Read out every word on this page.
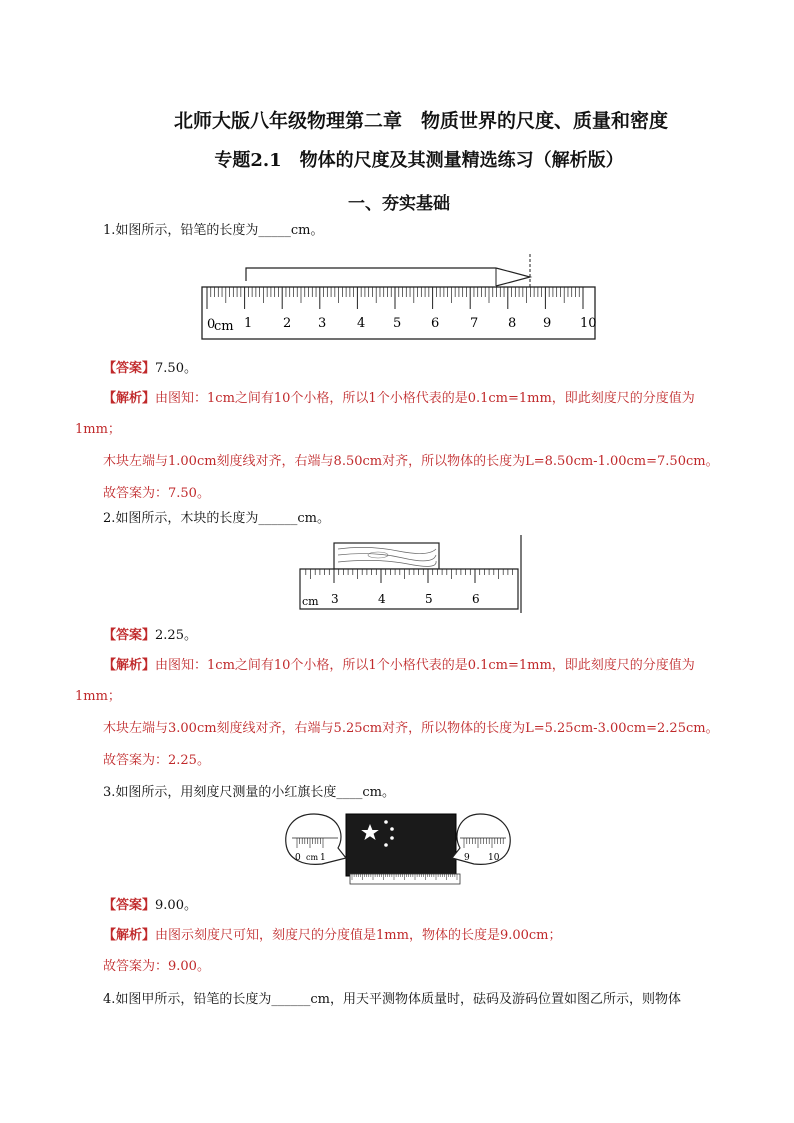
北师大版八年级物理第二章　物质世界的尺度、质量和密度
专题2.1　物体的尺度及其测量精选练习（解析版）
一、夯实基础
1.如图所示，铅笔的长度为_____cm。
0
cm 1 2 3 4 5 6 7 8 9 10
【答案】7.50。
【解析】由图知：1cm之间有10个小格，所以1个小格代表的是0.1cm=1mm，即此刻度尺的分度值为
1mm；
木块左端与1.00cm刻度线对齐，右端与8.50cm对齐，所以物体的长度为L=8.50cm-1.00cm=7.50cm。
故答案为：7.50。
2.如图所示，木块的长度为______cm。
cm 3	4	5	6
【答案】2.25。
【解析】由图知：1cm之间有10个小格，所以1个小格代表的是0.1cm=1mm，即此刻度尺的分度值为
1mm；
木块左端与3.00cm刻度线对齐，右端与5.25cm对齐，所以物体的长度为L=5.25cm-3.00cm=2.25cm。
故答案为：2.25。
3.如图所示，用刻度尺测量的小红旗长度____cm。
0 cm 1	9 10
【答案】9.00。
【解析】由图示刻度尺可知，刻度尺的分度值是1mm，物体的长度是9.00cm；
故答案为：9.00。
4.如图甲所示，铅笔的长度为______cm，用天平测物体质量时，砝码及游码位置如图乙所示，则物体
